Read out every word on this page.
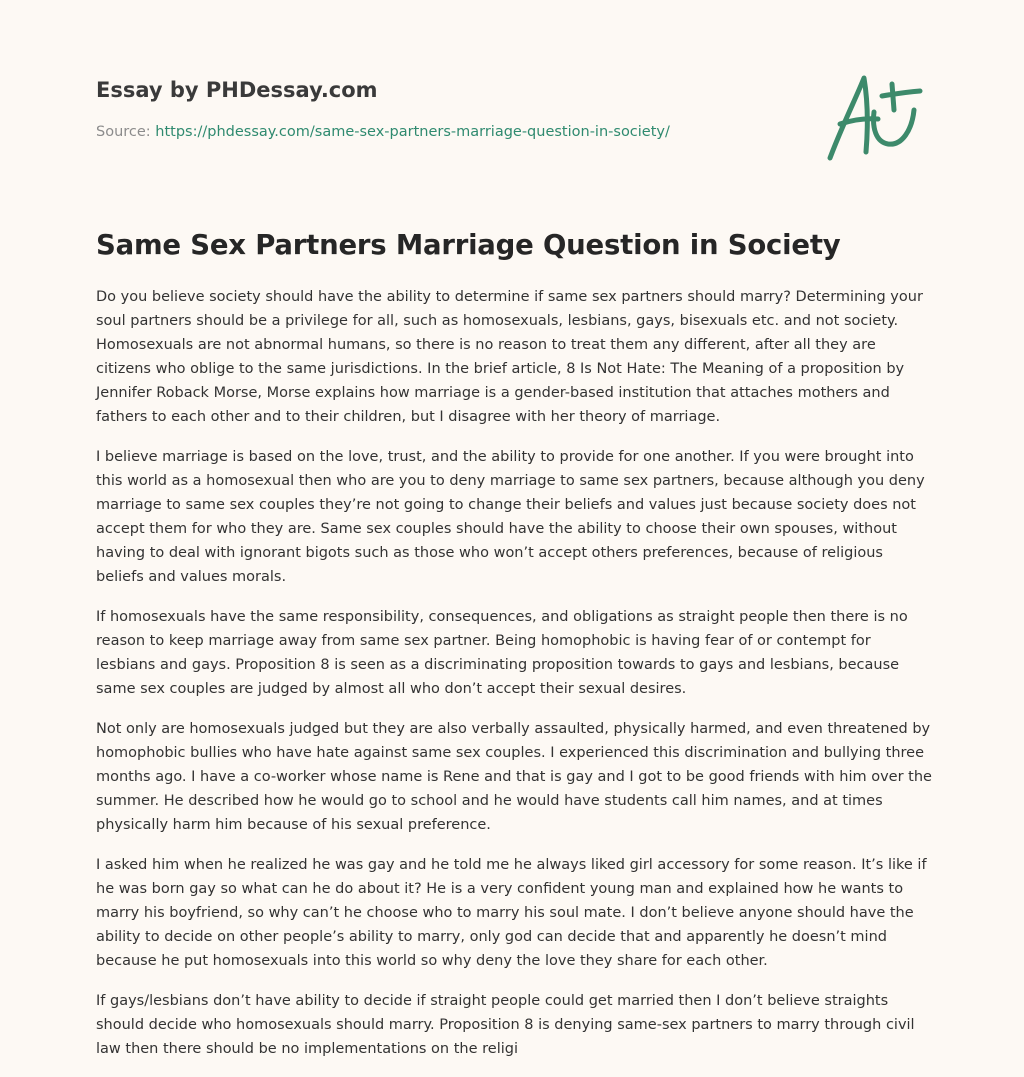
Essay by PHDessay.com
Source: https://phdessay.com/same-sex-partners-marriage-question-in-society/
Same Sex Partners Marriage Question in Society

Do you believe society should have the ability to determine if same sex partners should marry? Determining your soul partners should be a privilege for all, such as homosexuals, lesbians, gays, bisexuals etc. and not society. Homosexuals are not abnormal humans, so there is no reason to treat them any different, after all they are citizens who oblige to the same jurisdictions. In the brief article, 8 Is Not Hate: The Meaning of a proposition by Jennifer Roback Morse, Morse explains how marriage is a gender-based institution that attaches mothers and fathers to each other and to their children, but I disagree with her theory of marriage.

I believe marriage is based on the love, trust, and the ability to provide for one another. If you were brought into this world as a homosexual then who are you to deny marriage to same sex partners, because although you deny marriage to same sex couples they’re not going to change their beliefs and values just because society does not accept them for who they are. Same sex couples should have the ability to choose their own spouses, without having to deal with ignorant bigots such as those who won’t accept others preferences, because of religious beliefs and values morals.

If homosexuals have the same responsibility, consequences, and obligations as straight people then there is no reason to keep marriage away from same sex partner. Being homophobic is having fear of or contempt for lesbians and gays. Proposition 8 is seen as a discriminating proposition towards to gays and lesbians, because same sex couples are judged by almost all who don’t accept their sexual desires.

Not only are homosexuals judged but they are also verbally assaulted, physically harmed, and even threatened by homophobic bullies who have hate against same sex couples. I experienced this discrimination and bullying three months ago. I have a co-worker whose name is Rene and that is gay and I got to be good friends with him over the summer. He described how he would go to school and he would have students call him names, and at times physically harm him because of his sexual preference.

I asked him when he realized he was gay and he told me he always liked girl accessory for some reason. It’s like if he was born gay so what can he do about it? He is a very confident young man and explained how he wants to marry his boyfriend, so why can’t he choose who to marry his soul mate. I don’t believe anyone should have the ability to decide on other people’s ability to marry, only god can decide that and apparently he doesn’t mind because he put homosexuals into this world so why deny the love they share for each other.

If gays/lesbians don’t have ability to decide if straight people could get married then I don’t believe straights should decide who homosexuals should marry. Proposition 8 is denying same-sex partners to marry through civil law then there should be no implementations on the religi
